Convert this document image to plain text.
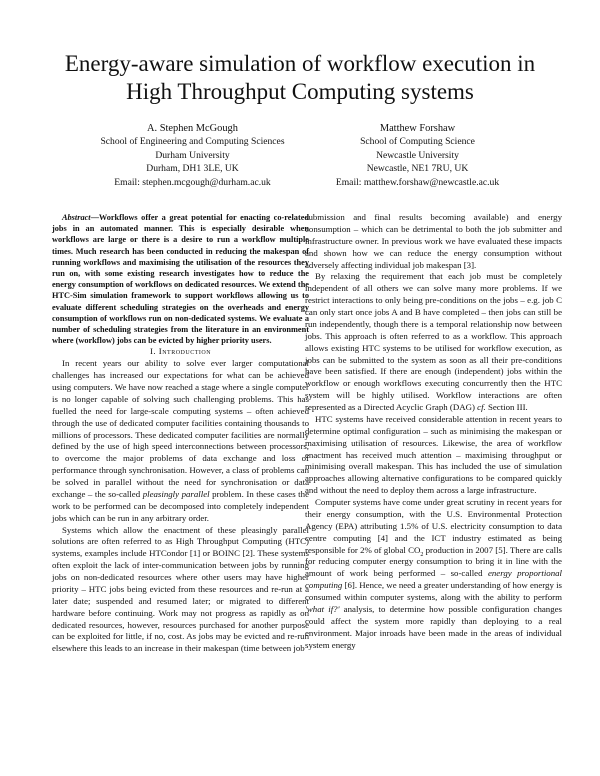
Energy-aware simulation of workflow execution in High Throughput Computing systems
A. Stephen McGough
School of Engineering and Computing Sciences
Durham University
Durham, DH1 3LE, UK
Email: stephen.mcgough@durham.ac.uk
Matthew Forshaw
School of Computing Science
Newcastle University
Newcastle, NE1 7RU, UK
Email: matthew.forshaw@newcastle.ac.uk

Abstract—Workflows offer a great potential for enacting co-related jobs in an automated manner. This is especially desirable when workflows are large or there is a desire to run a workflow multiple times. Much research has been conducted in reducing the makespan of running workflows and maximising the utilisation of the resources they run on, with some existing research investigates how to reduce the energy consumption of workflows on dedicated resources. We extend the HTC-Sim simulation framework to support workflows allowing us to evaluate different scheduling strategies on the overheads and energy consumption of workflows run on non-dedicated systems. We evaluate a number of scheduling strategies from the literature in an environment where (workflow) jobs can be evicted by higher priority users.

I. Introduction

In recent years our ability to solve ever larger computational challenges has increased our expectations for what can be achieved using computers. We have now reached a stage where a single computer is no longer capable of solving such challenging problems. This has fuelled the need for large-scale computing systems – often achieved through the use of dedicated computer facilities containing thousands to millions of processors. These dedicated computer facilities are normally defined by the use of high speed interconnections between processors, to overcome the major problems of data exchange and loss of performance through synchronisation. However, a class of problems can be solved in parallel without the need for synchronisation or data exchange – the so-called pleasingly parallel problem. In these cases the work to be performed can be decomposed into completely independent jobs which can be run in any arbitrary order.

Systems which allow the enactment of these pleasingly parallel solutions are often referred to as High Throughput Computing (HTC) systems, examples include HTCondor [1] or BOINC [2]. These systems often exploit the lack of inter-communication between jobs by running jobs on non-dedicated resources where other users may have higher priority – HTC jobs being evicted from these resources and re-run at a later date; suspended and resumed later; or migrated to different hardware before continuing. Work may not progress as rapidly as on dedicated resources, however, resources purchased for another purpose can be exploited for little, if no, cost. As jobs may be evicted and re-run elsewhere this leads to an increase in their makespan (time between job

submission and final results becoming available) and energy consumption – which can be detrimental to both the job submitter and infrastructure owner. In previous work we have evaluated these impacts and shown how we can reduce the energy consumption without adversely affecting individual job makespan [3].

By relaxing the requirement that each job must be completely independent of all others we can solve many more problems. If we restrict interactions to only being pre-conditions on the jobs – e.g. job C can only start once jobs A and B have completed – then jobs can still be run independently, though there is a temporal relationship now between jobs. This approach is often referred to as a workflow. This approach allows existing HTC systems to be utilised for workflow execution, as jobs can be submitted to the system as soon as all their pre-conditions have been satisfied. If there are enough (independent) jobs within the workflow or enough workflows executing concurrently then the HTC system will be highly utilised. Workflow interactions are often represented as a Directed Acyclic Graph (DAG) cf. Section III.

HTC systems have received considerable attention in recent years to determine optimal configuration – such as minimising the makespan or maximising utilisation of resources. Likewise, the area of workflow enactment has received much attention – maximising throughput or minimising overall makespan. This has included the use of simulation approaches allowing alternative configurations to be compared quickly and without the need to deploy them across a large infrastructure.

Computer systems have come under great scrutiny in recent years for their energy consumption, with the U.S. Environmental Protection Agency (EPA) attributing 1.5% of U.S. electricity consumption to data centre computing [4] and the ICT industry estimated as being responsible for 2% of global $CO_2$ production in 2007 [5]. There are calls for reducing computer energy consumption to bring it in line with the amount of work being performed – so-called energy proportional computing [6]. Hence, we need a greater understanding of how energy is consumed within computer systems, along with the ability to perform 'what if?' analysis, to determine how possible configuration changes could affect the system more rapidly than deploying to a real environment. Major inroads have been made in the areas of individual system energy
